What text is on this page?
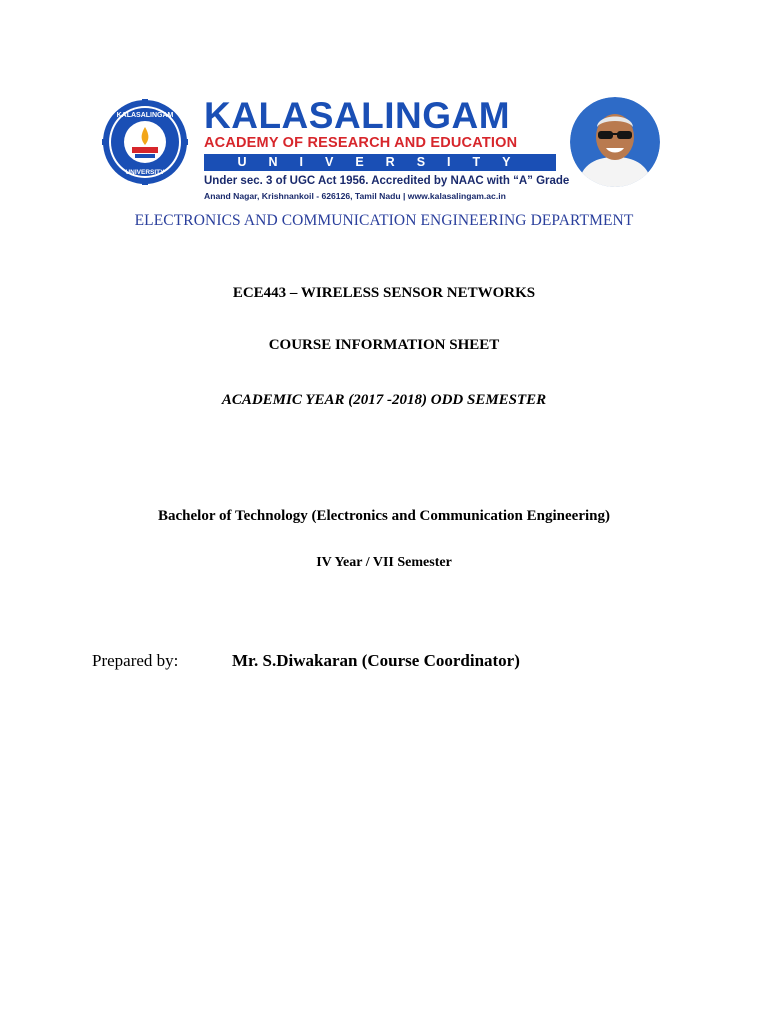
KALASALINGAM
UNIVERSITY
KALASALINGAM
ACADEMY OF RESEARCH AND EDUCATION
UNIVERSITY
Under sec. 3 of UGC Act 1956. Accredited by NAAC with “A” Grade
Anand Nagar, Krishnankoil - 626126, Tamil Nadu | www.kalasalingam.ac.in
ELECTRONICS AND COMMUNICATION ENGINEERING DEPARTMENT
ECE443 – WIRELESS SENSOR NETWORKS
COURSE INFORMATION SHEET
ACADEMIC YEAR (2017 -2018) ODD SEMESTER
Bachelor of Technology (Electronics and Communication Engineering)
IV Year / VII Semester
Prepared by:	Mr. S.Diwakaran (Course Coordinator)
